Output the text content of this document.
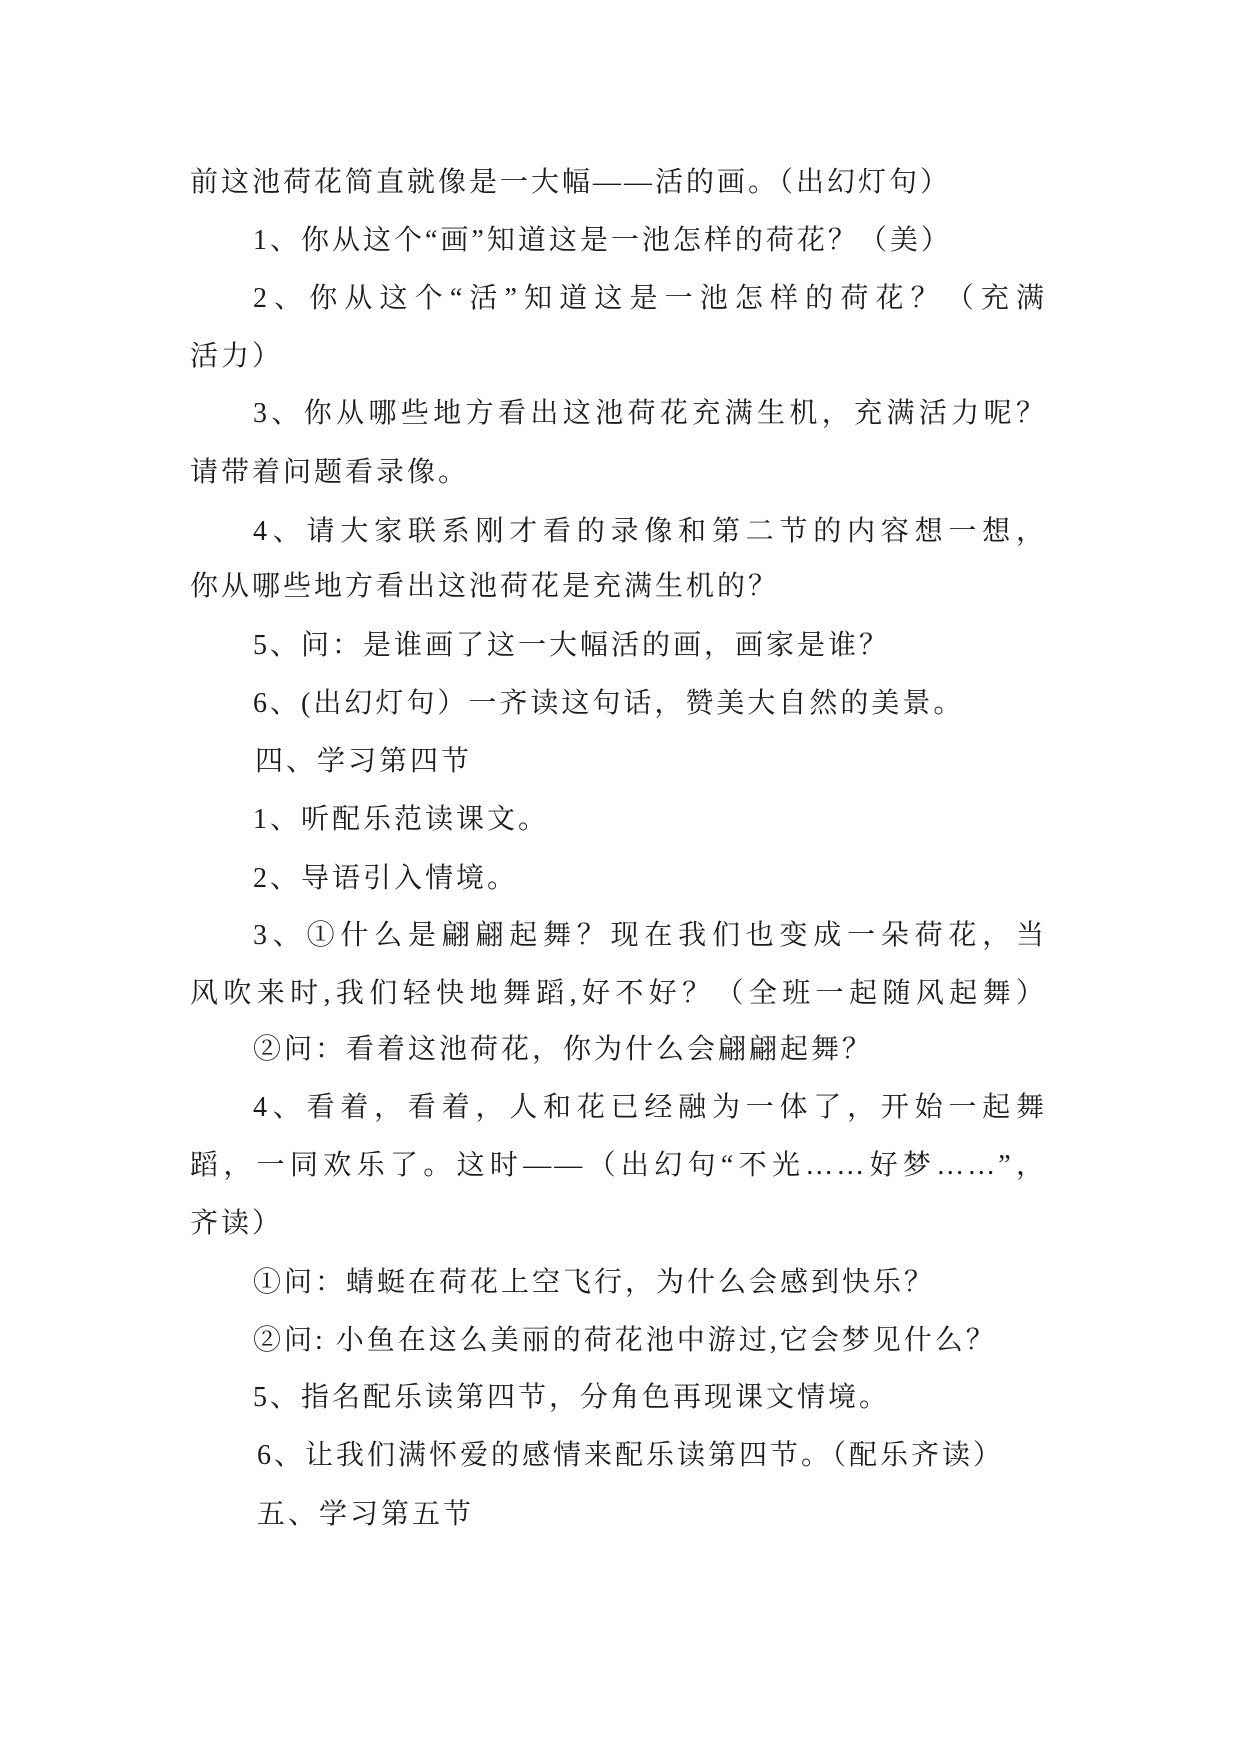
前这池荷花简直就像是一大幅——活的画。（出幻灯句）
1、你从这个“画”知道这是一池怎样的荷花？（美）
2、你从这个“活”知道这是一池怎样的荷花？（充满
活力）
3、你从哪些地方看出这池荷花充满生机，充满活力呢？
请带着问题看录像。
4、请大家联系刚才看的录像和第二节的内容想一想，
你从哪些地方看出这池荷花是充满生机的？
5、问：是谁画了这一大幅活的画，画家是谁？
6、(出幻灯句）一齐读这句话，赞美大自然的美景。
四、学习第四节
1、听配乐范读课文。
2、导语引入情境。
3、①什么是翩翩起舞？现在我们也变成一朵荷花，当
风吹来时,我们轻快地舞蹈,好不好？（全班一起随风起舞）
②问：看着这池荷花，你为什么会翩翩起舞？
4、看着，看着，人和花已经融为一体了，开始一起舞
蹈，一同欢乐了。这时——（出幻句“不光……好梦……”，
齐读）
①问：蜻蜓在荷花上空飞行，为什么会感到快乐？
②问: 小鱼在这么美丽的荷花池中游过,它会梦见什么？
5、指名配乐读第四节，分角色再现课文情境。
6、让我们满怀爱的感情来配乐读第四节。（配乐齐读）
五、学习第五节
